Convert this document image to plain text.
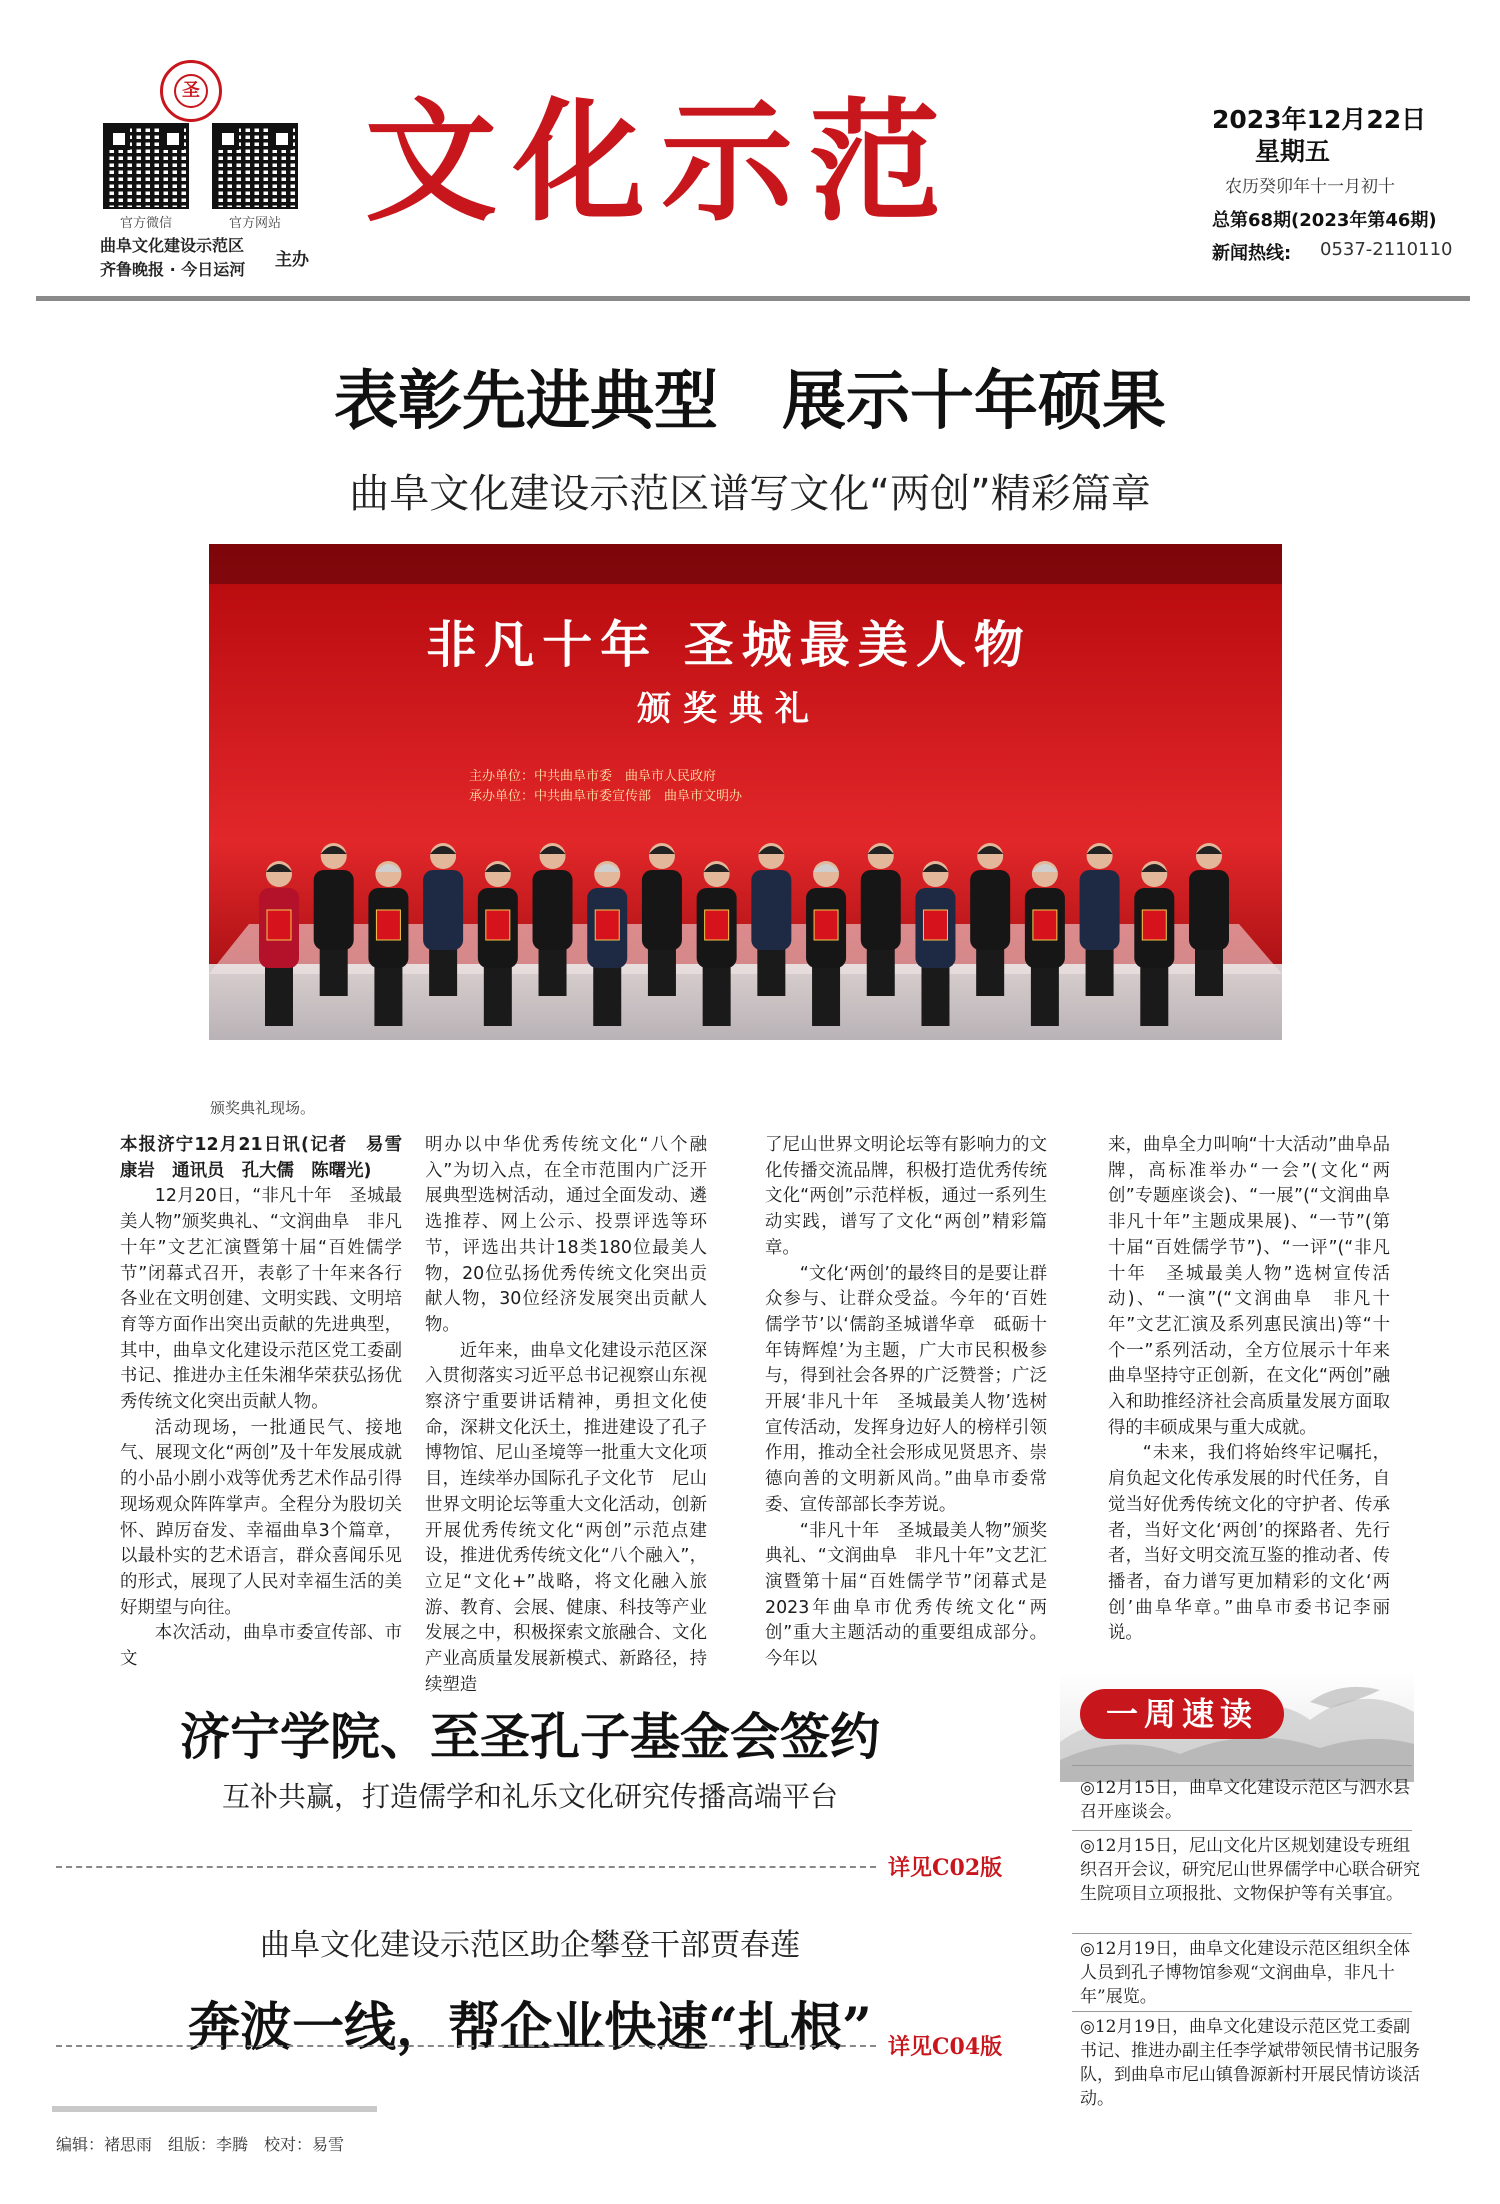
圣
官方微信	官方网站
曲阜文化建设示范区
齐鲁晚报 · 今日运河 主办
文化示范	2023年12月22日
星期五
农历癸卯年十一月初十
总第68期(2023年第46期)
新闻热线: 0537-2110110
表彰先进典型　展示十年硕果
曲阜文化建设示范区谱写文化“两创”精彩篇章
非凡十年 圣城最美人物
颁奖典礼
主办单位：中共曲阜市委　曲阜市人民政府
承办单位：中共曲阜市委宣传部　曲阜市文明办
颁奖典礼现场。

本报济宁12月21日讯(记者　易雪　康岩　通讯员　孔大儒　陈曙光)

12月20日，“非凡十年　圣城最美人物”颁奖典礼、“文润曲阜　非凡十年”文艺汇演暨第十届“百姓儒学节”闭幕式召开，表彰了十年来各行各业在文明创建、文明实践、文明培育等方面作出突出贡献的先进典型，其中，曲阜文化建设示范区党工委副书记、推进办主任朱湘华荣获弘扬优秀传统文化突出贡献人物。

活动现场，一批通民气、接地气、展现文化“两创”及十年发展成就的小品小剧小戏等优秀艺术作品引得现场观众阵阵掌声。全程分为股切关怀、踔厉奋发、幸福曲阜3个篇章，以最朴实的艺术语言，群众喜闻乐见的形式，展现了人民对幸福生活的美好期望与向往。

本次活动，曲阜市委宣传部、市文

明办以中华优秀传统文化“八个融入”为切入点，在全市范围内广泛开展典型选树活动，通过全面发动、遴选推荐、网上公示、投票评选等环节，评选出共计18类180位最美人物，20位弘扬优秀传统文化突出贡献人物，30位经济发展突出贡献人物。

近年来，曲阜文化建设示范区深入贯彻落实习近平总书记视察山东视察济宁重要讲话精神，勇担文化使命，深耕文化沃土，推进建设了孔子博物馆、尼山圣境等一批重大文化项目，连续举办国际孔子文化节　尼山世界文明论坛等重大文化活动，创新开展优秀传统文化“两创”示范点建设，推进优秀传统文化“八个融入”，立足“文化+”战略，将文化融入旅游、教育、会展、健康、科技等产业发展之中，积极探索文旅融合、文化产业高质量发展新模式、新路径，持续塑造

了尼山世界文明论坛等有影响力的文化传播交流品牌，积极打造优秀传统文化“两创”示范样板，通过一系列生动实践，谱写了文化“两创”精彩篇章。

“文化‘两创’的最终目的是要让群众参与、让群众受益。今年的‘百姓儒学节’以‘儒韵圣城谱华章　砥砺十年铸辉煌’为主题，广大市民积极参与，得到社会各界的广泛赞誉；广泛开展‘非凡十年　圣城最美人物’选树宣传活动，发挥身边好人的榜样引领作用，推动全社会形成见贤思齐、崇德向善的文明新风尚。”曲阜市委常委、宣传部部长李芳说。

“非凡十年　圣城最美人物”颁奖典礼、“文润曲阜　非凡十年”文艺汇演暨第十届“百姓儒学节”闭幕式是2023年曲阜市优秀传统文化“两创”重大主题活动的重要组成部分。今年以

来，曲阜全力叫响“十大活动”曲阜品牌，高标准举办“一会”(文化“两创”专题座谈会)、“一展”(“文润曲阜　非凡十年”主题成果展)、“一节”(第十届“百姓儒学节”)、“一评”(“非凡十年　圣城最美人物”选树宣传活动)、“一演”(“文润曲阜　非凡十年”文艺汇演及系列惠民演出)等“十个一”系列活动，全方位展示十年来曲阜坚持守正创新，在文化“两创”融入和助推经济社会高质量发展方面取得的丰硕成果与重大成就。

“未来，我们将始终牢记嘱托，肩负起文化传承发展的时代任务，自觉当好优秀传统文化的守护者、传承者，当好文化‘两创’的探路者、先行者，当好文明交流互鉴的推动者、传播者，奋力谱写更加精彩的文化‘两创’曲阜华章。”曲阜市委书记李丽说。

济宁学院、至圣孔子基金会签约
互补共赢，打造儒学和礼乐文化研究传播高端平台
详见C02版
曲阜文化建设示范区助企攀登干部贾春莲
奔波一线，帮企业快速“扎根” 详见C04版
一周速读
◎12月15日，曲阜文化建设示范区与泗水县召开座谈会。
◎12月15日，尼山文化片区规划建设专班组织召开会议，研究尼山世界儒学中心联合研究生院项目立项报批、文物保护等有关事宜。
◎12月19日，曲阜文化建设示范区组织全体人员到孔子博物馆参观“文润曲阜，非凡十年”展览。
◎12月19日，曲阜文化建设示范区党工委副书记、推进办副主任李学斌带领民情书记服务队，到曲阜市尼山镇鲁源新村开展民情访谈活动。
编辑：褚思雨　组版：李腾　校对：易雪
